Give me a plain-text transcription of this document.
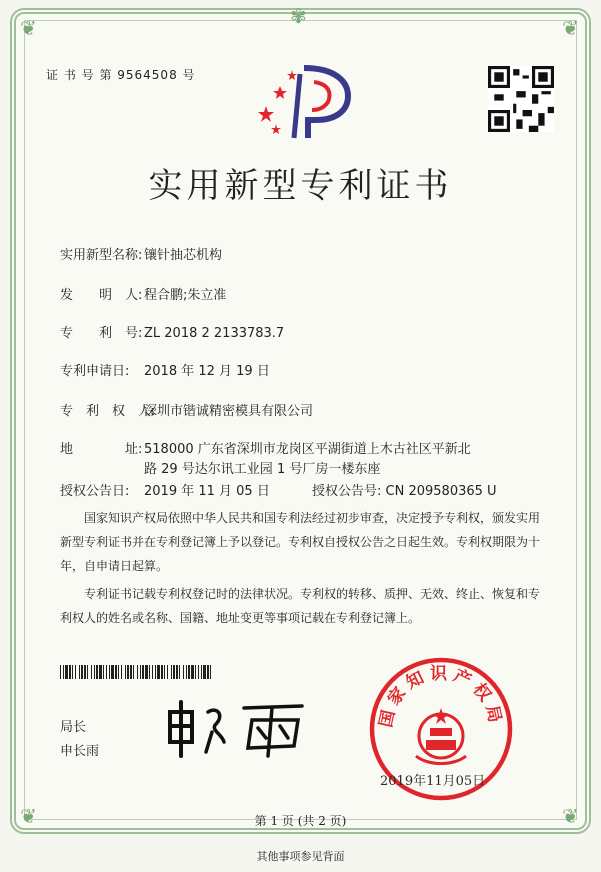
❦	❦
❦	❦
✾
证 书 号 第 9564508 号
实用新型专利证书
实用新型名称: 镶针抽芯机构
发　　明　人: 程合鹏;朱立准
专　　利　号: ZL 2018 2 2133783.7
专利申请日: 2018 年 12 月 19 日
专　利　权　人:深圳市锴诚精密模具有限公司
地　　　　址: 518000 广东省深圳市龙岗区平湖街道上木古社区平新北
路 29 号达尔讯工业园 1 号厂房一楼东座
授权公告日: 2019 年 11 月 05 日	授权公告号: CN 209580365 U
国家知识产权局依照中华人民共和国专利法经过初步审查，决定授予专利权，颁发实用新型专利证书并在专利登记簿上予以登记。专利权自授权公告之日起生效。专利权期限为十年，自申请日起算。
专利证书记载专利权登记时的法律状况。专利权的转移、质押、无效、终止、恢复和专利权人的姓名或名称、国籍、地址变更等事项记载在专利登记簿上。
局长
申长雨
国家知识产权局
2019年11月05日
第 1 页 (共 2 页)
其他事项参见背面
